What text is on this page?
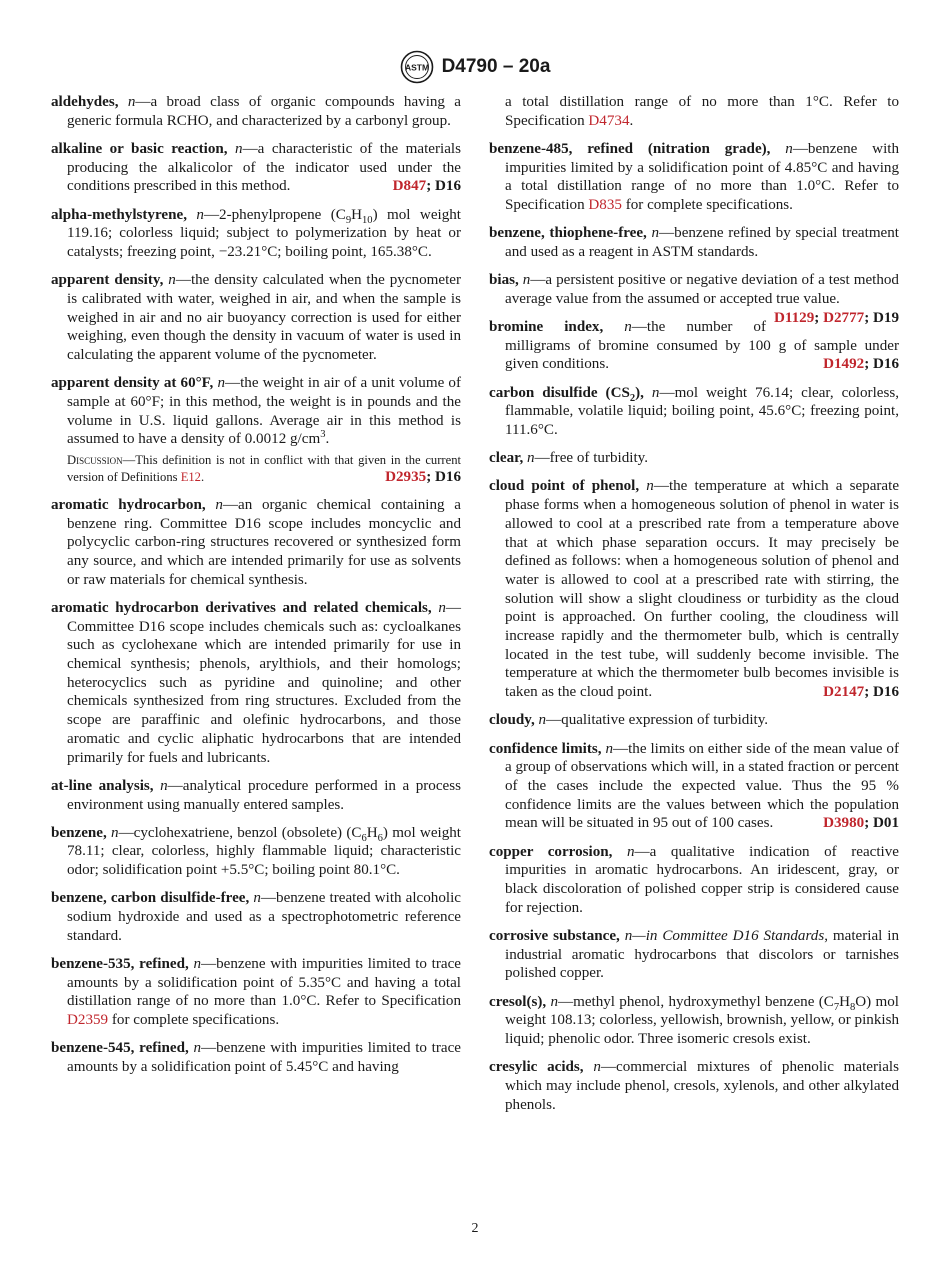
ASTM D4790 – 20a

aldehydes, n—a broad class of organic compounds having a generic formula RCHO, and characterized by a carbonyl group.

alkaline or basic reaction, n—a characteristic of the materials producing the alkalicolor of the indicator used under the conditions prescribed in this method.	D847; D16

alpha-methylstyrene, n—2-phenylpropene $(C_9H_{10})$ mol weight 119.16; colorless liquid; subject to polymerization by heat or catalysts; freezing point, −23.21°C; boiling point, 165.38°C.

apparent density, n—the density calculated when the pycnometer is calibrated with water, weighed in air, and when the sample is weighed in air and no air buoyancy correction is used for either weighing, even though the density in vacuum of water is used in calculating the apparent volume of the pycnometer.

apparent density at 60°F, n—the weight in air of a unit volume of sample at 60°F; in this method, the weight is in pounds and the volume in U.S. liquid gallons. Average air in this method is assumed to have a density of 0.0012 $g/cm^3$.

Discussion—This definition is not in conflict with that given in the current version of Definitions E12.	D2935; D16

aromatic hydrocarbon, n—an organic chemical containing a benzene ring. Committee D16 scope includes moncyclic and polycyclic carbon-ring structures recovered or synthesized form any source, and which are intended primarily for use as solvents or raw materials for chemical synthesis.

aromatic hydrocarbon derivatives and related chemicals, n—Committee D16 scope includes chemicals such as: cycloalkanes such as cyclohexane which are intended primarily for use in chemical synthesis; phenols, arylthiols, and their homologs; heterocyclics such as pyridine and quinoline; and other chemicals synthesized from ring structures. Excluded from the scope are paraffinic and olefinic hydrocarbons, and those aromatic and cyclic aliphatic hydrocarbons that are intended primarily for fuels and lubricants.

at-line analysis, n—analytical procedure performed in a process environment using manually entered samples.

benzene, n—cyclohexatriene, benzol (obsolete) $(C_6H_6)$ mol weight 78.11; clear, colorless, highly flammable liquid; characteristic odor; solidification point +5.5°C; boiling point 80.1°C.

benzene, carbon disulfide-free, n—benzene treated with alcoholic sodium hydroxide and used as a spectrophotometric reference standard.

benzene-535, refined, n—benzene with impurities limited to trace amounts by a solidification point of 5.35°C and having a total distillation range of no more than 1.0°C. Refer to Specification D2359 for complete specifications.

benzene-545, refined, n—benzene with impurities limited to trace amounts by a solidification point of 5.45°C and having

a total distillation range of no more than 1°C. Refer to Specification D4734.

benzene-485, refined (nitration grade), n—benzene with impurities limited by a solidification point of 4.85°C and having a total distillation range of no more than 1.0°C. Refer to Specification D835 for complete specifications.

benzene, thiophene-free, n—benzene refined by special treatment and used as a reagent in ASTM standards.

bias, n—a persistent positive or negative deviation of a test method average value from the assumed or accepted true value.
D1129; D2777; D19

bromine index, n—the number of milligrams of bromine consumed by 100 g of sample under given conditions.	D1492; D16

carbon disulfide $(CS_2)$, n—mol weight 76.14; clear, colorless, flammable, volatile liquid; boiling point, 45.6°C; freezing point, 111.6°C.

clear, n—free of turbidity.

cloud point of phenol, n—the temperature at which a separate phase forms when a homogeneous solution of phenol in water is allowed to cool at a prescribed rate from a temperature above that at which phase separation occurs. It may precisely be defined as follows: when a homogeneous solution of phenol and water is allowed to cool at a prescribed rate with stirring, the solution will show a slight cloudiness or turbidity as the cloud point is approached. On further cooling, the cloudiness will increase rapidly and the thermometer bulb, which is centrally located in the test tube, will suddenly become invisible. The temperature at which the thermometer bulb becomes invisible is taken as the cloud point.	D2147; D16

cloudy, n—qualitative expression of turbidity.

confidence limits, n—the limits on either side of the mean value of a group of observations which will, in a stated fraction or percent of the cases include the expected value. Thus the 95 % confidence limits are the values between which the population mean will be situated in 95 out of 100 cases.	D3980; D01

copper corrosion, n—a qualitative indication of reactive impurities in aromatic hydrocarbons. An iridescent, gray, or black discoloration of polished copper strip is considered cause for rejection.

corrosive substance, n—in Committee D16 Standards, material in industrial aromatic hydrocarbons that discolors or tarnishes polished copper.

cresol(s), n—methyl phenol, hydroxymethyl benzene $(C_7H_8O)$ mol weight 108.13; colorless, yellowish, brownish, yellow, or pinkish liquid; phenolic odor. Three isomeric cresols exist.

cresylic acids, n—commercial mixtures of phenolic materials which may include phenol, cresols, xylenols, and other alkylated phenols.

2
